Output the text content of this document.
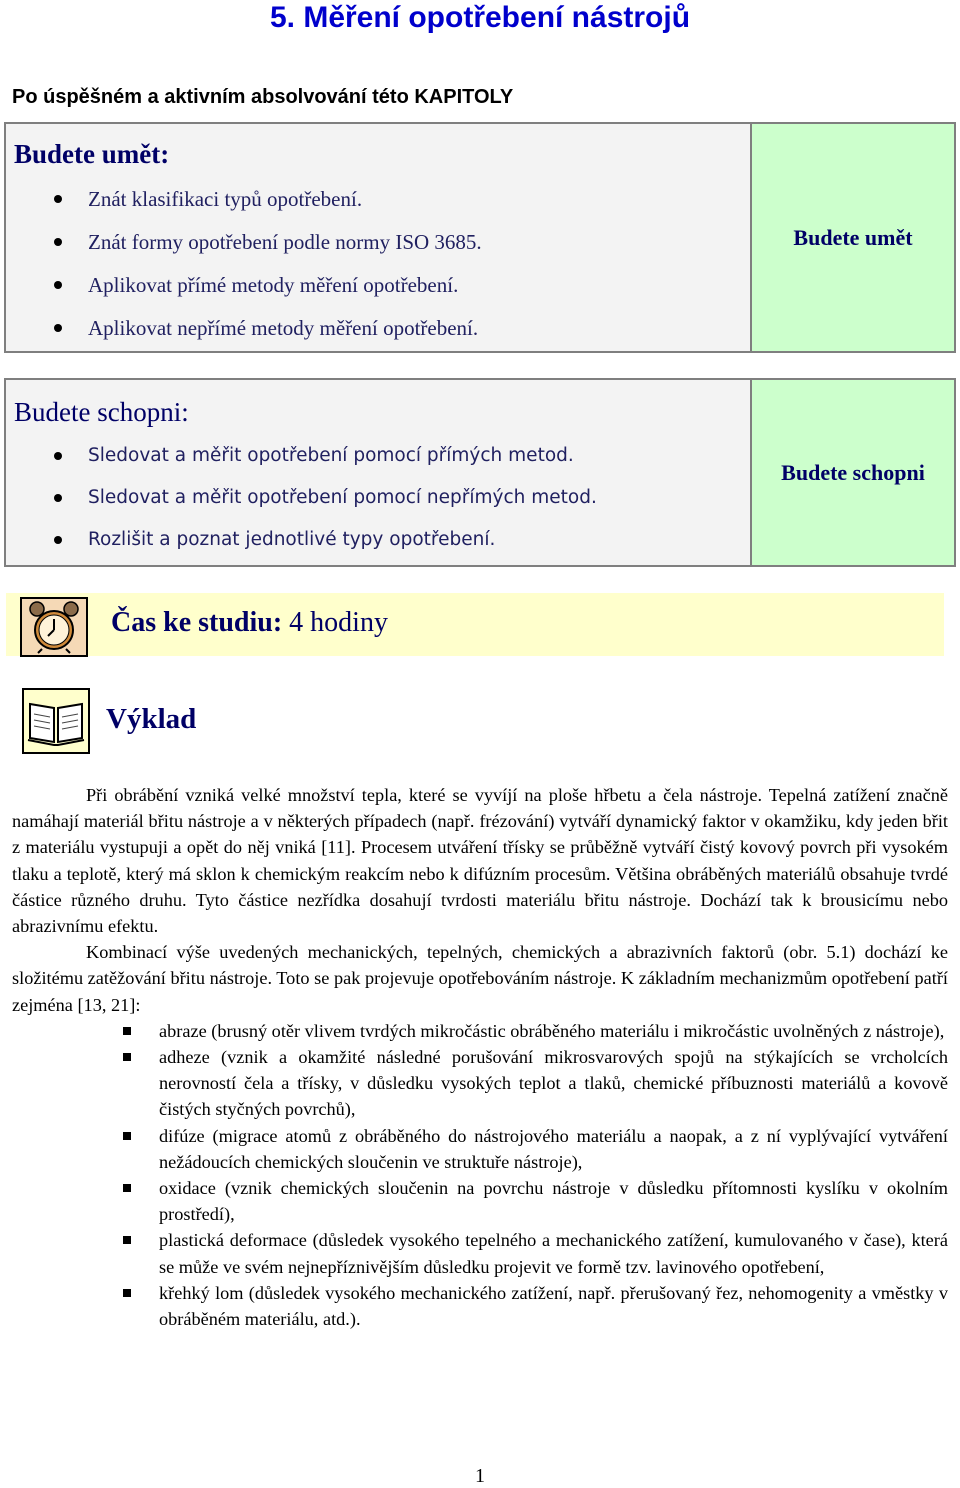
5. Měření opotřebení nástrojů
Po úspěšném a aktivním absolvování této KAPITOLY
Budete umět:
Znát klasifikaci typů opotřebení.
Znát formy opotřebení podle normy ISO 3685.
Aplikovat přímé metody měření opotřebení.
Aplikovat nepřímé metody měření opotřebení.
Budete umět
Budete schopni:
Sledovat a měřit opotřebení pomocí přímých metod.
Sledovat a měřit opotřebení pomocí nepřímých metod.
Rozlišit a poznat jednotlivé typy opotřebení.
Budete schopni
Čas ke studiu: 4 hodiny
Výklad

Při obrábění vzniká velké množství tepla, které se vyvíjí na ploše hřbetu a čela nástroje. Tepelná zatížení značně namáhají materiál břitu nástroje a v některých případech (např. frézování) vytváří dynamický faktor v okamžiku, kdy jeden břit z materiálu vystupuji a opět do něj vniká [11]. Procesem utváření třísky se průběžně vytváří čistý kovový povrch při vysokém tlaku a teplotě, který má sklon k chemickým reakcím nebo k difúzním procesům. Většina obráběných materiálů obsahuje tvrdé částice různého druhu. Tyto částice nezřídka dosahují tvrdosti materiálu břitu nástroje. Dochází tak k brousicímu nebo abrazivnímu efektu.

Kombinací výše uvedených mechanických, tepelných, chemických a abrazivních faktorů (obr. 5.1) dochází ke složitému zatěžování břitu nástroje. Toto se pak projevuje opotřebováním nástroje. K základním mechanizmům opotřebení patří zejména [13, 21]:

abraze (brusný otěr vlivem tvrdých mikročástic obráběného materiálu i mikročástic uvolněných z nástroje),
adheze (vznik a okamžité následné porušování mikrosvarových spojů na stýkajících se vrcholcích nerovností čela a třísky, v důsledku vysokých teplot a tlaků, chemické příbuznosti materiálů a kovově čistých styčných povrchů),
difúze (migrace atomů z obráběného do nástrojového materiálu a naopak, a z ní vyplývající vytváření nežádoucích chemických sloučenin ve struktuře nástroje),
oxidace (vznik chemických sloučenin na povrchu nástroje v důsledku přítomnosti kyslíku v okolním prostředí),
plastická deformace (důsledek vysokého tepelného a mechanického zatížení, kumulovaného v čase), která se může ve svém nejnepříznivějším důsledku projevit ve formě tzv. lavinového opotřebení,
křehký lom (důsledek vysokého mechanického zatížení, např. přerušovaný řez, nehomogenity a vměstky v obráběném materiálu, atd.).
1
